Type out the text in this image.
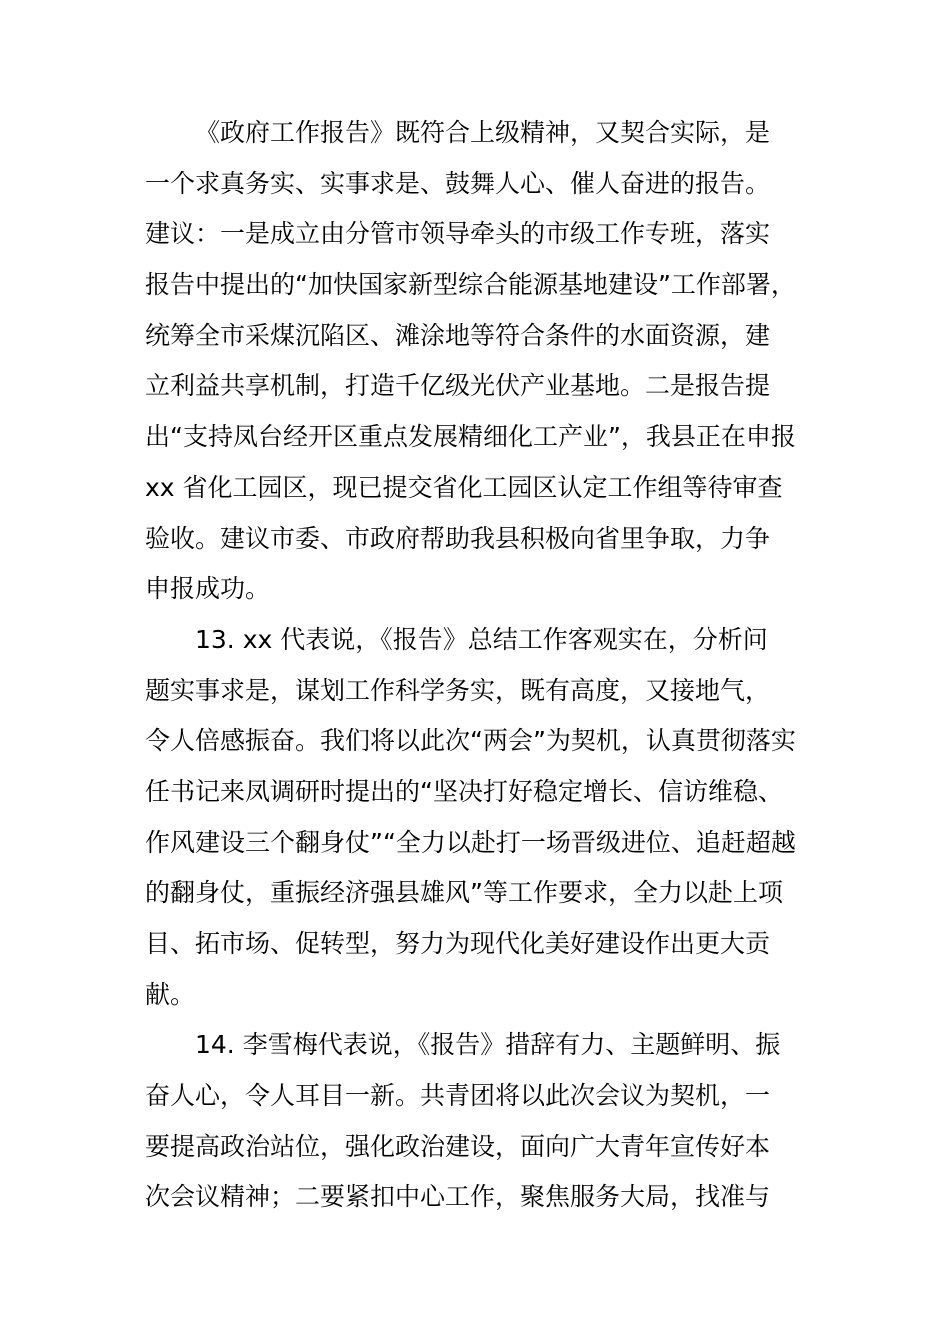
《政府工作报告》既符合上级精神，又契合实际，是
一个求真务实、实事求是、鼓舞人心、催人奋进的报告。
建议：一是成立由分管市领导牵头的市级工作专班，落实
报告中提出的“加快国家新型综合能源基地建设”工作部署，
统筹全市采煤沉陷区、滩涂地等符合条件的水面资源，建
立利益共享机制，打造千亿级光伏产业基地。二是报告提
出“支持凤台经开区重点发展精细化工产业”，我县正在申报
xx 省化工园区，现已提交省化工园区认定工作组等待审查
验收。建议市委、市政府帮助我县积极向省里争取，力争
申报成功。
13. xx 代表说，《报告》总结工作客观实在，分析问
题实事求是，谋划工作科学务实，既有高度，又接地气，
令人倍感振奋。我们将以此次“两会”为契机，认真贯彻落实
任书记来凤调研时提出的“坚决打好稳定增长、信访维稳、
作风建设三个翻身仗”“全力以赴打一场晋级进位、追赶超越
的翻身仗，重振经济强县雄风”等工作要求，全力以赴上项
目、拓市场、促转型，努力为现代化美好建设作出更大贡
献。
14. 李雪梅代表说，《报告》措辞有力、主题鲜明、振
奋人心，令人耳目一新。共青团将以此次会议为契机，一
要提高政治站位，强化政治建设，面向广大青年宣传好本
次会议精神；二要紧扣中心工作，聚焦服务大局，找准与
